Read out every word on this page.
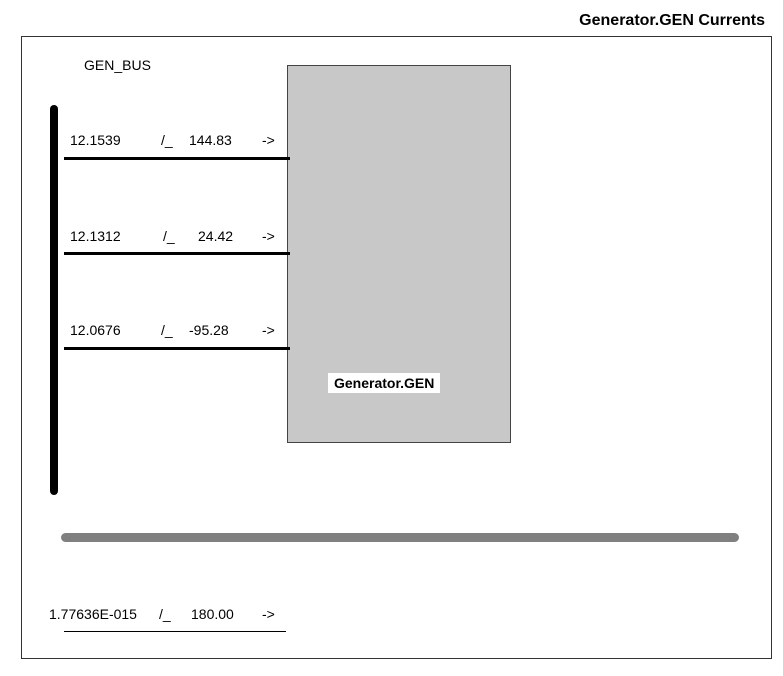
Generator.GEN Currents
GEN_BUS
Generator.GEN
12.1539	/_ 144.83 ->
12.1312	/_ 24.42 ->
12.0676	/_ -95.28 ->
1.77636E-015 /_ 180.00 ->
